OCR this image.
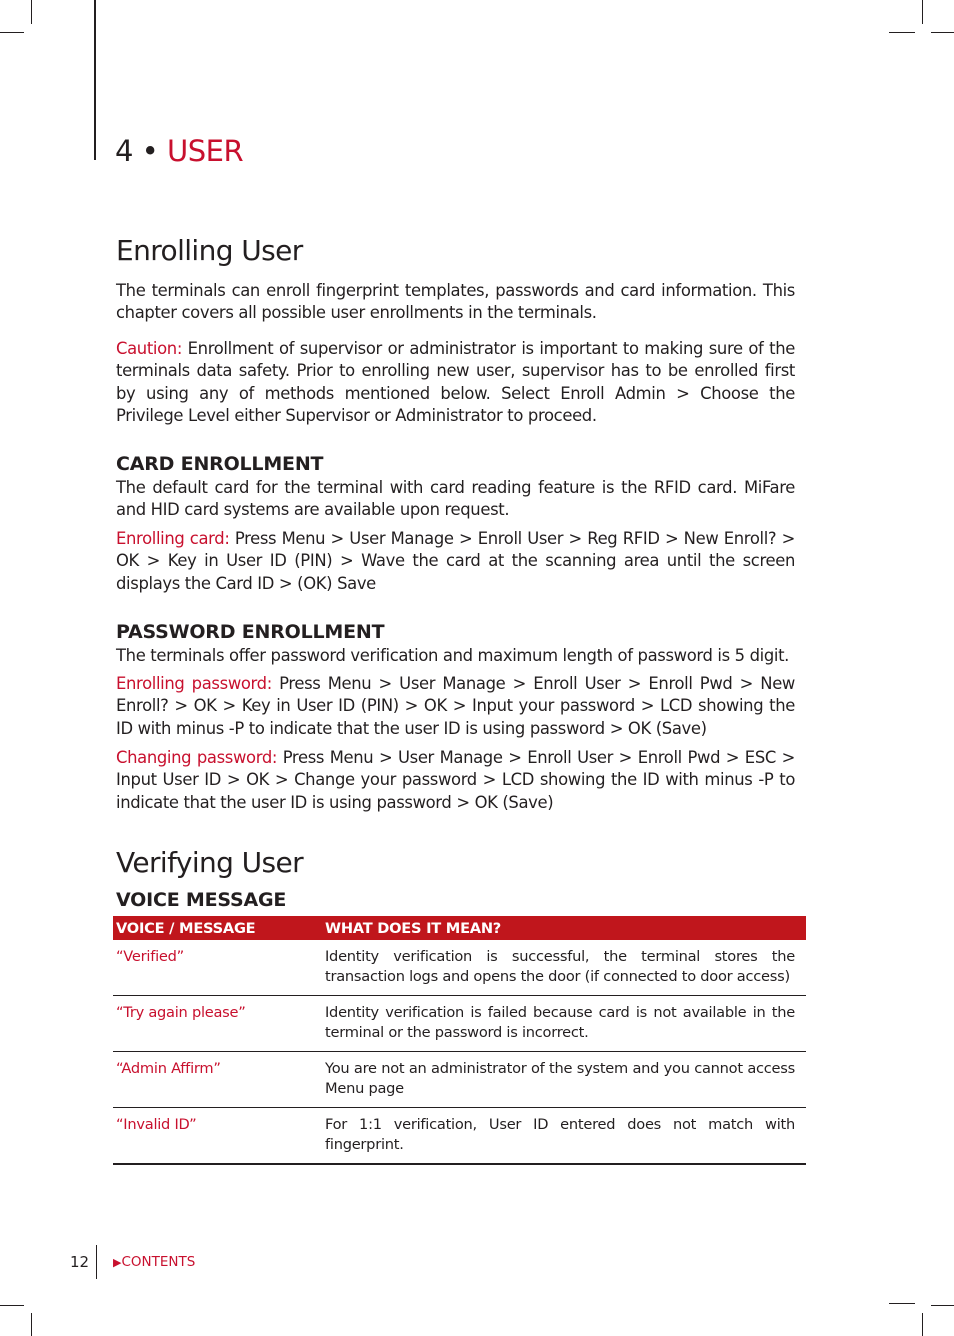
4 • USER
Enrolling User

The terminals can enroll fingerprint templates, passwords and card information. This chapter covers all possible user enrollments in the terminals.

Caution: Enrollment of supervisor or administrator is important to making sure of the terminals data safety. Prior to enrolling new user, supervisor has to be enrolled first by using any of methods mentioned below. Select Enroll Admin > Choose the Privilege Level either Supervisor or Administrator to proceed.

CARD ENROLLMENT

The default card for the terminal with card reading feature is the RFID card. MiFare and HID card systems are available upon request.

Enrolling card: Press Menu > User Manage > Enroll User > Reg RFID > New Enroll? > OK > Key in User ID (PIN) > Wave the card at the scanning area until the screen displays the Card ID > (OK) Save

PASSWORD ENROLLMENT

The terminals offer password verification and maximum length of password is 5 digit.

Enrolling password: Press Menu > User Manage > Enroll User > Enroll Pwd > New Enroll? > OK > Key in User ID (PIN) > OK > Input your password > LCD showing the ID with minus -P to indicate that the user ID is using password > OK (Save)

Changing password: Press Menu > User Manage > Enroll User > Enroll Pwd > ESC > Input User ID > OK > Change your password > LCD showing the ID with minus -P to indicate that the user ID is using password > OK (Save)

Verifying User
VOICE MESSAGE
VOICE / MESSAGE	WHAT DOES IT MEAN?
“Verified”	Identity verification is successful, the terminal stores the transaction logs and opens the door (if connected to door access)
“Try again please”	Identity verification is failed because card is not available in the terminal or the password is incorrect.
“Admin Affirm”	You are not an administrator of the system and you cannot access Menu page
“Invalid ID”	For 1:1 verification, User ID entered does not match with fingerprint.
12 ▶CONTENTS
